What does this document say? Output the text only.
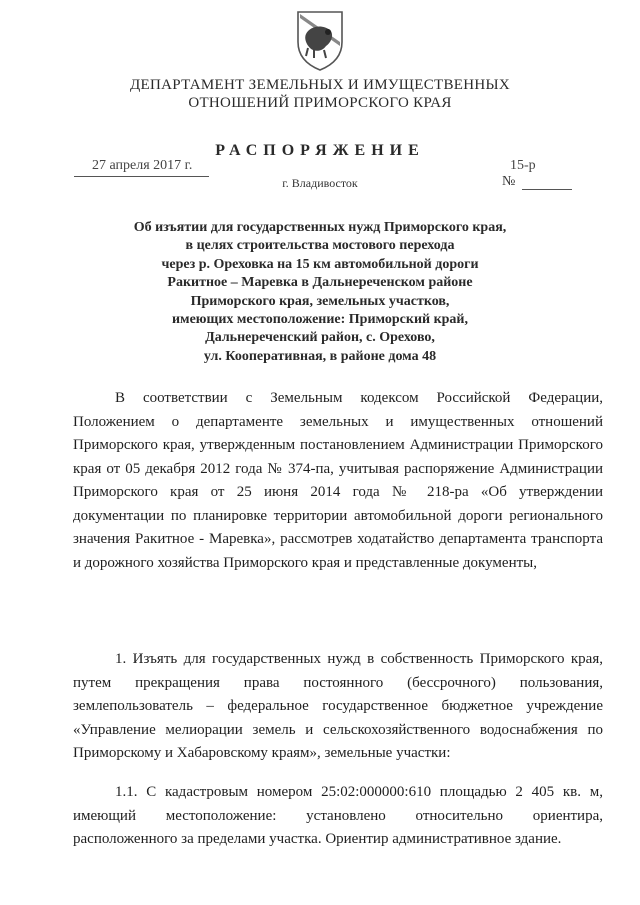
ДЕПАРТАМЕНТ ЗЕМЕЛЬНЫХ И ИМУЩЕСТВЕННЫХ
ОТНОШЕНИЙ ПРИМОРСКОГО КРАЯ
РАСПОРЯЖЕНИЕ
27 апреля 2017 г.
г. Владивосток
15-р
№
Об изъятии для государственных нужд Приморского края,
в целях строительства мостового перехода
через р. Ореховка на 15 км автомобильной дороги
Ракитное – Маревка в Дальнереченском районе
Приморского края, земельных участков,
имеющих местоположение: Приморский край,
Дальнереченский район, с. Орехово,
ул. Кооперативная, в районе дома 48
В соответствии с Земельным кодексом Российской Федерации, Положением о департаменте земельных и имущественных отношений Приморского края, утвержденным постановлением Администрации Приморского края от 05 декабря 2012 года № 374-па, учитывая распоряжение Администрации Приморского края от 25 июня 2014 года № 218-ра «Об утверждении документации по планировке территории автомобильной дороги регионального значения Ракитное - Маревка», рассмотрев ходатайство департамента транспорта и дорожного хозяйства Приморского края и представленные документы,
1. Изъять для государственных нужд в собственность Приморского края, путем прекращения права постоянного (бессрочного) пользования, землепользователь – федеральное государственное бюджетное учреждение «Управление мелиорации земель и сельскохозяйственного водоснабжения по Приморскому и Хабаровскому краям», земельные участки:
1.1. С кадастровым номером 25:02:000000:610 площадью 2 405 кв. м, имеющий местоположение: установлено относительно ориентира, расположенного за пределами участка. Ориентир административное здание.
